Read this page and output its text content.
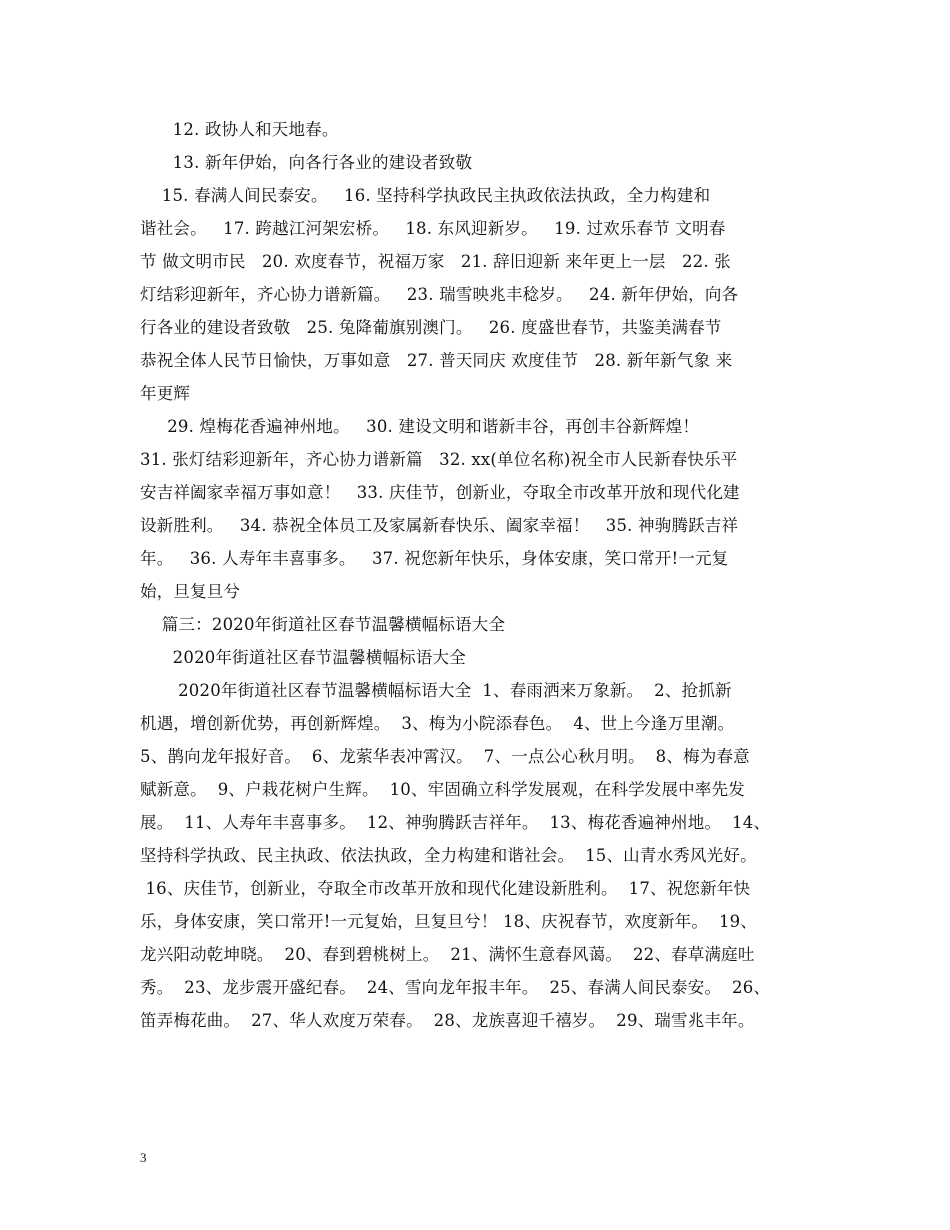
12. 政协人和天地春。
13. 新年伊始，向各行各业的建设者致敬
15. 春满人间民泰安。   16. 坚持科学执政民主执政依法执政，全力构建和
谐社会。   17. 跨越江河架宏桥。   18. 东风迎新岁。   19. 过欢乐春节 文明春
节 做文明市民   20. 欢度春节，祝福万家   21. 辞旧迎新 来年更上一层   22. 张
灯结彩迎新年，齐心协力谱新篇。   23. 瑞雪映兆丰稔岁。   24. 新年伊始，向各
行各业的建设者致敬   25. 兔降葡旗别澳门。   26. 度盛世春节，共鉴美满春节
恭祝全体人民节日愉快，万事如意   27. 普天同庆 欢度佳节   28. 新年新气象 来
年更辉
29. 煌梅花香遍神州地。   30. 建设文明和谐新丰谷，再创丰谷新辉煌！
31. 张灯结彩迎新年，齐心协力谱新篇   32. xx(单位名称)祝全市人民新春快乐平
安吉祥阖家幸福万事如意！   33. 庆佳节，创新业，夺取全市改革开放和现代化建
设新胜利。   34. 恭祝全体员工及家属新春快乐、阖家幸福！   35. 神驹腾跃吉祥
年。   36. 人寿年丰喜事多。   37. 祝您新年快乐，身体安康，笑口常开!一元复
始，旦复旦兮
篇三：2020年街道社区春节温馨横幅标语大全
2020年街道社区春节温馨横幅标语大全
2020年街道社区春节温馨横幅标语大全  1、春雨洒来万象新。  2、抢抓新
机遇，增创新优势，再创新辉煌。  3、梅为小院添春色。  4、世上今逢万里潮。
5、鹊向龙年报好音。  6、龙萦华表冲霄汉。  7、一点公心秋月明。  8、梅为春意
赋新意。  9、户栽花树户生辉。  10、牢固确立科学发展观，在科学发展中率先发
展。  11、人寿年丰喜事多。  12、神驹腾跃吉祥年。  13、梅花香遍神州地。  14、
坚持科学执政、民主执政、依法执政，全力构建和谐社会。  15、山青水秀风光好。
16、庆佳节，创新业，夺取全市改革开放和现代化建设新胜利。  17、祝您新年快
乐，身体安康，笑口常开!一元复始，旦复旦兮！ 18、庆祝春节，欢度新年。  19、
龙兴阳动乾坤晓。  20、春到碧桃树上。  21、满怀生意春风蔼。  22、春草满庭吐
秀。  23、龙步震开盛纪春。  24、雪向龙年报丰年。  25、春满人间民泰安。  26、
笛弄梅花曲。  27、华人欢度万荣春。  28、龙族喜迎千禧岁。  29、瑞雪兆丰年。
3
